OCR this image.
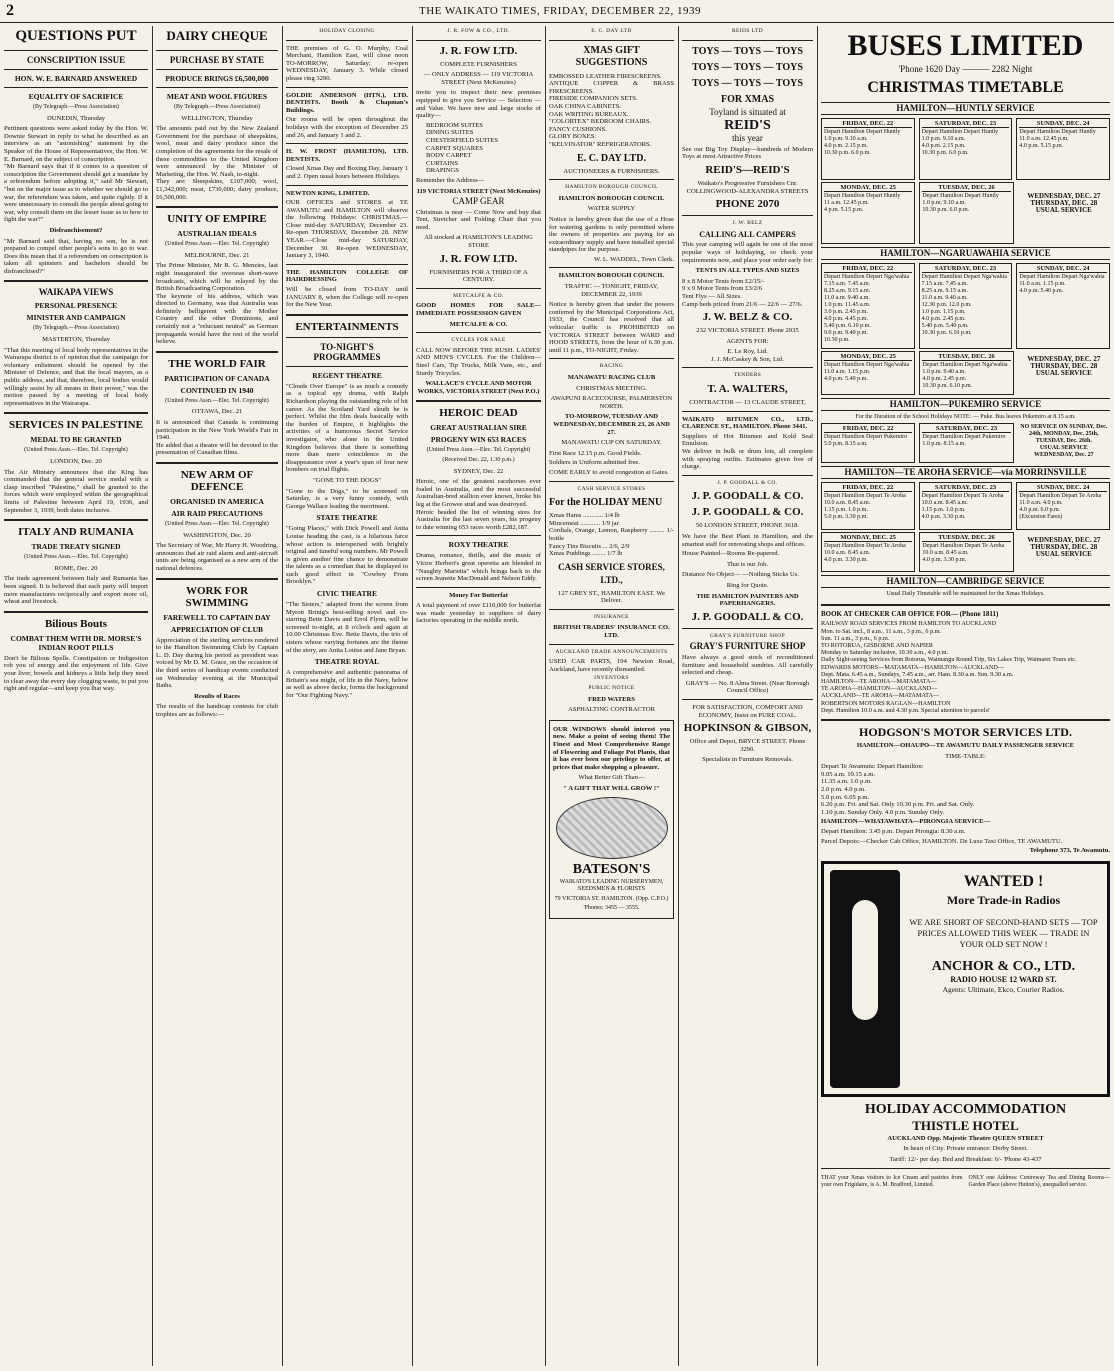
2	THE WAIKATO TIMES, FRIDAY, DECEMBER 22, 1939
QUESTIONS PUT
CONSCRIPTION ISSUE
HON. W. E. BARNARD ANSWERED
EQUALITY OF SACRIFICE
(By Telegraph.—Press Association)
DUNEDIN, Thursday
Pertinent questions were asked today by the Hon. W. Downie Stewart in reply to what he described as an interview as an "astonishing" statement by the Speaker of the House of Representatives, the Hon. W. E. Barnard, on the subject of conscription.
"Mr Barnard says that if it comes to a question of conscription the Government should get a mandate by a referendum before adopting it," said Mr Stewart, "but on the major issue as to whether we should go to war, the referendum was taken, and quite rightly. If it were unnecessary to consult the people about going to war, why consult them on the lesser issue as to how to fight the war?"
Disfranchisement?
"Mr Barnard said that, having no son, he is not prepared to compel other people's sons to go to war. Does this mean that if a referendum on conscription is taken all spinsters and bachelors should be disfranchised?"
WAIKAPA VIEWS
PERSONAL PRESENCE
MINISTER AND CAMPAIGN
(By Telegraph.—Press Association)
MASTERTON, Thursday
"That this meeting of local body representatives in the Wairarapa district is of opinion that the campaign for voluntary enlistment should be opened by the Minister of Defence, and that the local mayors, as a public address, and that, therefore, local bodies would willingly assist by all means in their power," was the motion passed by a meeting of local body representatives in the Wairarapa.
SERVICES IN PALESTINE
MEDAL TO BE GRANTED
(United Press Assn.—Elec. Tel. Copyright)
LONDON, Dec. 20
The Air Ministry announces that the King has commanded that the general service medal with a clasp inscribed "Palestine," shall be granted to the forces which were employed within the geographical limits of Palestine between April 19, 1936, and September 3, 1939, both dates inclusive.
ITALY AND RUMANIA
TRADE TREATY SIGNED
(United Press Assn.—Elec. Tel. Copyright)
ROME, Dec. 20
The trade agreement between Italy and Rumania has been signed. It is believed that each party will import more manufactures reciprocally and export more oil, wheat and livestock.
Bilious Bouts
COMBAT THEM WITH DR. MORSE'S INDIAN ROOT PILLS
Don't be Bilious Spells. Constipation or Indigestion rob you of energy and the enjoyment of life. Give your liver, bowels and kidneys a little help they need to clear away the every day clogging waste, to put you right and regular—and keep you that way.
DAIRY CHEQUE
PURCHASE BY STATE
PRODUCE BRINGS £6,500,000
MEAT AND WOOL FIGURES
(By Telegraph.—Press Association)
WELLINGTON, Thursday
The amounts paid out by the New Zealand Government for the purchase of sheepskins, wool, meat and dairy produce since the completion of the agreements for the resale of these commodities to the United Kingdom were announced by the Minister of Marketing, the Hon. W. Nash, to-night.
They are: Sheepskins, £107,000; wool, £1,342,000; meat, £730,000; dairy produce, £6,500,000.
UNITY OF EMPIRE
AUSTRALIAN IDEALS
(United Press Assn.—Elec. Tel. Copyright)
MELBOURNE, Dec. 21
The Prime Minister, Mr R. G. Menzies, last night inaugurated the overseas short-wave broadcasts, which will be relayed by the British Broadcasting Corporation.
The keynote of his address, which was directed to Germany, was that Australia was definitely belligerent with the Mother Country and the other Dominions, and certainly not a "reluctant neutral" as German propaganda would have the rest of the world believe.
THE WORLD FAIR
PARTICIPATION OF CANADA
CONTINUED IN 1940
(United Press Assn.—Elec. Tel. Copyright)
OTTAWA, Dec. 21
It is announced that Canada is continuing participation in the New York World's Fair in 1940.
He added that a theatre will be devoted to the presentation of Canadian films.
NEW ARM OF DEFENCE
ORGANISED IN AMERICA
AIR RAID PRECAUTIONS
(United Press Assn.—Elec. Tel. Copyright)
WASHINGTON, Dec. 20
The Secretary of War, Mr Harry H. Woodring, announces that air raid alarm and anti-aircraft units are being organised as a new arm of the national defences.
WORK FOR SWIMMING
FAREWELL TO CAPTAIN DAY
APPRECIATION OF CLUB
Appreciation of the sterling services rendered to the Hamilton Swimming Club by Captain L. D. Day during his period as president was voiced by Mr D. M. Grace, on the occasion of the third series of handicap events conducted on Wednesday evening at the Municipal Baths.
Results of Races
The results of the handicap contests for club trophies are as follows:—
HOLIDAY CLOSING
THE premises of G. O. Murphy, Coal Merchant, Hamilton East, will close noon TO-MORROW, Saturday; re-open WEDNESDAY, January 3. While closed please ring 3290.
GOLDIE ANDERSON (HTN.), LTD. DENTISTS. Booth & Chapman's Buildings.
Our rooms will be open throughout the holidays with the exception of December 25 and 26, and January 1 and 2.
H. W. FROST (HAMILTON), LTD. DENTISTS.
Closed Xmas Day and Boxing Day, January 1 and 2. Open usual hours between Holidays.
NEWTON KING, LIMITED.
OUR OFFICES and STORES at TE AWAMUTU and HAMILTON will observe the following Holidays: CHRISTMAS.—Close mid-day SATURDAY, December 23. Re-open THURSDAY, December 28. NEW YEAR.—Close mid-day SATURDAY, December 30. Re-open WEDNESDAY, January 3, 1940.
THE HAMILTON COLLEGE OF HAIRDRESSING
Will be closed from TO-DAY until JANUARY 8, when the College will re-open for the New Year.
ENTERTAINMENTS
TO-NIGHT'S PROGRAMMES
REGENT THEATRE
"Clouds Over Europe" is as much a comedy as a topical spy drama, with Ralph Richardson playing the outstanding role of hit career. As the Scotland Yard sleuth he is perfect. Whilst the film deals basically with the burden of Empire, it highlights the activities of a humorous Secret Service investigator, who alone in the United Kingdom believes that there is something more than mere coincidence in the disappearance over a year's span of four new bombers on trial flights.
"GONE TO THE DOGS"
"Gone to the Dogs," to be screened on Saturday, is a very funny comedy, with George Wallace leading the merriment.
STATE THEATRE
"Going Places," with Dick Powell and Anita Louise heading the cast, is a hilarious farce whose action is interspersed with brightly original and tuneful song numbers. Mr Powell is given another fine chance to demonstrate the talents as a comedian that he displayed to such good effect in "Cowboy From Brooklyn."
CIVIC THEATRE
"The Sisters," adapted from the screen from Myron Brinig's best-selling novel and co-starring Bette Davis and Errol Flynn, will be screened to-night, at 8 o'clock and again at 10.00 Christmas Eve. Bette Davis, the trio of sisters whose varying fortunes are the theme of the story, are Anita Louise and Jane Bryan.
THEATRE ROYAL
A comprehensive and authentic panorama of Britain's sea might, of life in the Navy, below as well as above decks, forms the background for "Our Fighting Navy."
J. R. FOW & CO., LTD.
J. R. FOW LTD.
COMPLETE FURNISHERS
— ONLY ADDRESS — 119 VICTORIA STREET (Next McKenzies)
invite you to inspect their new premises equipped to give you Service — Selection — and Value. We have new and large stocks of quality—
BEDROOM SUITES
DINING SUITES
CHESTERFIELD SUITES
CARPET SQUARES
BODY CARPET
CURTAINS
DRAPINGS
Remember the Address—
119 VICTORIA STREET (Next McKenzies)
CAMP GEAR
Christmas is near — Come Now and buy that Tent, Stretcher and Folding Chair that you need.
All stocked at HAMILTON'S LEADING STORE
J. R. FOW LTD.
FURNISHERS FOR A THIRD OF A CENTURY.
METCALFE & CO.
GOOD HOMES FOR SALE—IMMEDIATE POSSESSION GIVEN
METCALFE & CO.
CYCLES FOR SALE
CALL NOW BEFORE THE RUSH. LADIES' AND MEN'S CYCLES. For the Children—Steel Cars, Tip Trucks, Milk Vans, etc., and Sturdy Tricycles.
WALLACE'S CYCLE AND MOTOR WORKS, VICTORIA STREET (Next P.O.)
HEROIC DEAD
GREAT AUSTRALIAN SIRE
PROGENY WIN 653 RACES
(United Press Assn.—Elec. Tel. Copyright)
(Received Dec. 22, 1.30 p.m.)
SYDNEY, Dec. 22
Heroic, one of the greatest racehorses ever foaled in Australia, and the most successful Australian-bred stallion ever known, broke his leg at the Growee stud and was destroyed.
Heroic headed the list of winning sires for Australia for the last seven years, his progeny to date winning 653 races worth £282,187.
ROXY THEATRE
Drama, romance, thrills, and the music of Victor Herbert's great operetta are blended in "Naughty Marietta" which brings back to the screen Jeanette MacDonald and Nelson Eddy.
Money For Butterfat
A total payment of over £110,000 for butterfat was made yesterday to suppliers of dairy factories operating in the middle north.
E. C. DAY LTD
XMAS GIFT SUGGESTIONS
EMBOSSED LEATHER FIRESCREENS.
ANTIQUE COPPER & BRASS FIRESCREENS.
FIRESIDE COMPANION SETS.
OAK CHINA CABINETS.
OAK WRITING BUREAUX.
"COLORTEX" BEDROOM CHAIRS.
FANCY CUSHIONS.
GLORY BOXES.
"KELVINATOR" REFRIGERATORS.
E. C. DAY LTD.
AUCTIONEERS & FURNISHERS.
HAMILTON BOROUGH COUNCIL
HAMILTON BOROUGH COUNCIL
WATER SUPPLY
Notice is hereby given that the use of a Hose for watering gardens is only permitted where the owners of properties are paying for an extraordinary supply and have installed special standpipes for the purpose.
W. L. WADDEL, Town Clerk.
HAMILTON BOROUGH COUNCIL
TRAFFIC — TONIGHT, FRIDAY, DECEMBER 22, 1939
Notice is hereby given that under the powers conferred by the Municipal Corporations Act, 1933, the Council has resolved that all vehicular traffic is PROHIBITED on VICTORIA STREET between WARD and HOOD STREETS, from the hour of 6.30 p.m. until 11 p.m., TO-NIGHT, Friday.
RACING
MANAWATU RACING CLUB
CHRISTMAS MEETING.
AWAPUNI RACECOURSE, PALMERSTON NORTH.
TO-MORROW, TUESDAY AND WEDNESDAY, DECEMBER 23, 26 AND 27.
MANAWATU CUP ON SATURDAY.
First Race 12.15 p.m. Good Fields.
Soldiers in Uniform admitted free.
COME EARLY to avoid congestion at Gates.
CASH SERVICE STORES
For the HOLIDAY MENU
Xmas Hams ............ 1/4 lb
Mincemeat ............ 1/9 jar
Cordials, Orange, Lemon, Raspberry ......... 1/- bottle
Fancy Tins Biscuits ... 2/6, 2/9
Xmas Puddings ........ 1/7 lb
CASH SERVICE STORES, LTD.,
127 GREY ST., HAMILTON EAST. We Deliver.
INSURANCE
BRITISH TRADERS' INSURANCE CO. LTD.
AUCKLAND TRADE ANNOUNCEMENTS
USED CAR PARTS, 194 Newton Road, Auckland, have recently dismantled.
INVENTORS
PUBLIC NOTICE
FRED WATERS
ASPHALTING CONTRACTOR
OUR WINDOWS should interest you now. Make a point of seeing them! The Finest and Most Comprehensive Range of Flowering and Foliage Pot Plants, that it has ever been our privilege to offer, at prices that make shopping a pleasure.
What Better Gift Than—
" A GIFT THAT WILL GROW !"
BATESON'S
WAIKATO'S LEADING NURSERYMEN, SEEDSMEN & FLORISTS
79 VICTORIA ST. HAMILTON. (Opp. C.P.O.)
'Phones: 3455 — 3555.
REIDS LTD
TOYS — TOYS — TOYS
TOYS — TOYS — TOYS
TOYS — TOYS — TOYS
FOR XMAS
Toyland is situated at
REID'S
this year
See our Big Toy Display—hundreds of Modern Toys at most Attractive Prices
REID'S—REID'S
Waikato's Progressive Furnishers Cnr. COLLINGWOOD-ALEXANDRA STREETS
PHONE 2070
J. W. BELZ
CALLING ALL CAMPERS
This year camping will again be one of the most popular ways of holidaying, so check your requirements now, and place your order early for:
TENTS IN ALL TYPES AND SIZES
8 x 8 Motor Tents from £2/15/-
9 x 9 Motor Tents from £3/2/6
Tent Flys — All Sizes.
Camp beds priced from 21/6 — 22/6 — 27/6.
J. W. BELZ & CO.
232 VICTORIA STREET. Phone 2935
AGENTS FOR:
E. Le Roy, Ltd.
J. J. McCaskey & Son, Ltd.
TENDERS
T. A. WALTERS,
CONTRACTOR — 13 CLAUDE STREET,
WAIKATO BITUMEN CO., LTD., CLARENCE ST., HAMILTON. Phone 3441.
Suppliers of Hot Bitumen and Kold Seal Emulsion.
We deliver in bulk or drum lots, all complete with spraying outfits. Estimates given free of charge.
J. P. GOODALL & CO.
J. P. GOODALL & CO.
J. P. GOODALL & CO.
50 LONDON STREET, PHONE 3618.
We have the Best Plant in Hamilton, and the smartest staff for renovating shops and offices.
House Painted—Rooms Re-papered.
That is our Job.
Distance No Object— —Nothing Sticks Us.
Ring for Quote.
THE HAMILTON PAINTERS AND PAPERHANGERS.
J. P. GOODALL & CO.
GRAY'S FURNITURE SHOP
GRAY'S FURNITURE SHOP
Have always a good stock of reconditioned furniture and household sundries. All carefully selected and cheap.
GRAY'S — No. 8 Alma Street. (Near Borough Council Office)
FOR SATISFACTION, COMFORT AND ECONOMY, Insist on PURE COAL.
HOPKINSON & GIBSON,
Office and Depot, BRYCE STREET. Phone 3290.
Specialists in Furniture Removals.
BUSES LIMITED
'Phone 1620 Day ——— 2282 Night
CHRISTMAS TIMETABLE
HAMILTON—HUNTLY SERVICE
FRIDAY, DEC. 22
Depart Hamilton Depart Huntly
1.0 p.m. 9.10 a.m.
4.0 p.m. 2.15 p.m.
10.30 p.m. 6.0 p.m.
SATURDAY, DEC. 23
Depart Hamilton Depart Huntly
1.0 p.m. 9.10 a.m.
4.0 p.m. 2.15 p.m.
10.30 p.m. 6.0 p.m.
SUNDAY, DEC. 24
Depart Hamilton Depart Huntly
11.0 a.m. 12.45 p.m.
4.0 p.m. 5.15 p.m.
MONDAY, DEC. 25
Depart Hamilton Depart Huntly
11 a.m. 12.45 p.m.
4 p.m. 5.15 p.m.
TUESDAY, DEC. 26
Depart Hamilton Depart Huntly
1.0 p.m. 9.10 a.m.
10.30 p.m. 6.0 p.m.
WEDNESDAY, DEC. 27
THURSDAY, DEC. 28
USUAL SERVICE
HAMILTON—NGARUAWAHIA SERVICE
FRIDAY, DEC. 22
Depart Hamilton Depart Nga'wahia
7.15 a.m. 7.45 a.m.
8.25 a.m. 9.15 a.m.
11.0 a.m. 9.40 a.m.
1.0 p.m. 11.45 a.m.
3.0 p.m. 2.45 p.m.
4.0 p.m. 4.45 p.m.
5.40 p.m. 6.10 p.m.
9.0 p.m. 9.40 p.m.
10.30 p.m.
SATURDAY, DEC. 23
Depart Hamilton Depart Nga'wahia
7.15 a.m. 7.45 a.m.
8.25 a.m. 9.15 a.m.
11.0 a.m. 9.40 a.m.
12.30 p.m. 12.0 p.m.
1.0 p.m. 1.15 p.m.
4.0 p.m. 2.45 p.m.
5.40 p.m. 5.40 p.m.
10.30 p.m. 6.10 p.m.
SUNDAY, DEC. 24
Depart Hamilton Depart Nga'wahia
11.0 a.m. 1.15 p.m.
4.0 p.m. 5.40 p.m.
MONDAY, DEC. 25
Depart Hamilton Depart Nga'wahia
11.0 a.m. 1.15 p.m.
4.0 p.m. 5.40 p.m.
TUESDAY, DEC. 26
Depart Hamilton Depart Nga'wahia
1.0 p.m. 9.40 a.m.
4.0 p.m. 2.45 p.m.
10.30 p.m. 6.10 p.m.
WEDNESDAY, DEC. 27
THURSDAY, DEC. 28
USUAL SERVICE
HAMILTON—PUKEMIRO SERVICE
For the Duration of the School Holidays NOTE: — Puke. Bus leaves Pukemiro at 8.15 a.m.
FRIDAY, DEC. 22
Depart Hamilton Depart Pukemiro
5.0 p.m. 8.15 a.m.
SATURDAY, DEC. 23
Depart Hamilton Depart Pukemiro
1.0 p.m. 8.15 a.m.
NO SERVICE ON SUNDAY, Dec. 24th, MONDAY, Dec. 25th, TUESDAY, Dec. 26th.
USUAL SERVICE
WEDNESDAY, Dec. 27
HAMILTON—TE AROHA SERVICE—via MORRINSVILLE
FRIDAY, DEC. 22
Depart Hamilton Depart Te Aroha
10.0 a.m. 8.45 a.m.
1.15 p.m. 1.0 p.m.
5.0 p.m. 3.30 p.m.
SATURDAY, DEC. 23
Depart Hamilton Depart Te Aroha
10.0 a.m. 8.45 a.m.
1.15 p.m. 1.0 p.m.
4.0 p.m. 3.30 p.m.
SUNDAY, DEC. 24
Depart Hamilton Depart Te Aroha
11.0 a.m. 4.0 p.m.
4.0 p.m. 6.0 p.m.
(Excursion Fares)
MONDAY, DEC. 25
Depart Hamilton Depart Te Aroha
10.0 a.m. 8.45 a.m.
4.0 p.m. 3.30 p.m.
TUESDAY, DEC. 26
Depart Hamilton Depart Te Aroha
10.0 a.m. 8.45 a.m.
4.0 p.m. 3.30 p.m.
WEDNESDAY, DEC. 27
THURSDAY, DEC. 28
USUAL SERVICE
HAMILTON—CAMBRIDGE SERVICE
Usual Daily Timetable will be maintained for the Xmas Holidays.
BOOK AT CHECKER CAB OFFICE FOR— (Phone 1811)
RAILWAY ROAD SERVICES FROM HAMILTON TO AUCKLAND
Mon. to Sat. incl., 8 a.m., 11 a.m., 3 p.m., 6 p.m.
Sun. 11 a.m., 3 p.m., 6 p.m.
TO ROTORUA, GISBORNE AND NAPIER
Monday to Saturday inclusive, 10.30 a.m., 4.0 p.m.
Daily Sight-seeing Services from Rotorua, Waimangu Round Trip, Six Lakes Trip, Waimarei Tours etc.
EDWARDS MOTORS—MATAMATA—HAMILTON—AUCKLAND—
Dept. Mata. 6.45 a.m., Sundays, 7.45 a.m., arr. Ham. 8.30 a.m. Sun. 9.30 a.m.
HAMILTON—TE AROHA—MATAMATA—
TE AROHA—HAMILTON—AUCKLAND—
AUCKLAND—TE AROHA—MATAMATA—
ROBERTSON MOTORS RAGLAN—HAMILTON
Dept. Hamilton 10.0 a.m. and 4.30 p.m. Special attention to parcels!
HODGSON'S MOTOR SERVICES LTD.
HAMILTON—OHAUPO—TE AWAMUTU DAILY PASSENGER SERVICE
TIME-TABLE:
Depart Te Awamutu: Depart Hamilton:
9.05 a.m. 10.15 a.m.
11.35 a.m. 1.0 p.m.
2.0 p.m. 4.0 p.m.
5.0 p.m. 6.05 p.m.
6.20 p.m. Fri. and Sat. Only 10.30 p.m. Fri. and Sat. Only.
1.10 p.m. Sunday Only. 4.0 p.m. Sunday Only.
HAMILTON—WHATAWHATA—PIRONGIA SERVICE—
Depart Hamilton: 3.45 p.m. Depart Pirongia: 8.30 a.m.
Parcel Depots:—Checker Cab Office, HAMILTON. De Luxe Taxi Office, TE AWAMUTU.
Telephone 373, Te Awamutu.
WANTED !
More Trade-in Radios
WE ARE SHORT OF SECOND-HAND SETS — TOP PRICES ALLOWED THIS WEEK — TRADE IN YOUR OLD SET NOW !
ANCHOR & CO., LTD.
RADIO HOUSE 12 WARD ST.
Agents: Ultimate, Ekco, Courier Radios.
HOLIDAY ACCOMMODATION
THISTLE HOTEL
AUCKLAND Opp. Majestic Theatre QUEEN STREET
In heart of City. Private entrance: Derby Street.
Tariff: 12/- per day. Bed and Breakfast: 6/- 'Phone 43-437
THAT your Xmas visitors to Ice Cream and pastries from your own Frigidaire, is A. M. Bradford, Limited.
ONLY one Address: Centreway Tea and Dining Rooms—Garden Place (above Hutton's), unequalled service.
